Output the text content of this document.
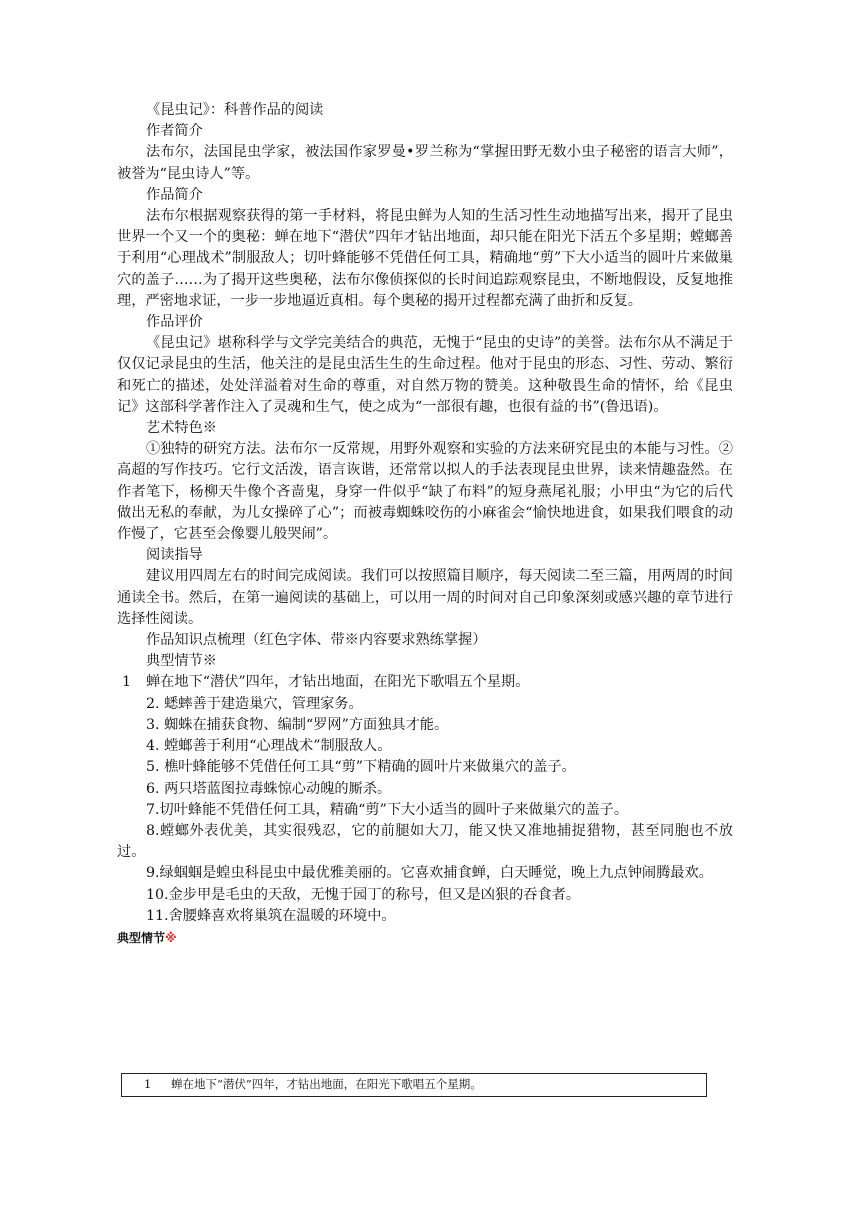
《昆虫记》：科普作品的阅读
作者简介
法布尔，法国昆虫学家，被法国作家罗曼•罗兰称为“掌握田野无数小虫子秘密的语言大师”，被誉为“昆虫诗人”等。
作品简介
法布尔根据观察获得的第一手材料，将昆虫鲜为人知的生活习性生动地描写出来，揭开了昆虫世界一个又一个的奥秘：蝉在地下“潜伏”四年才钻出地面，却只能在阳光下活五个多星期；螳螂善于利用“心理战术”制服敌人；切叶蜂能够不凭借任何工具，精确地“剪”下大小适当的圆叶片来做巢穴的盖子……为了揭开这些奥秘，法布尔像侦探似的长时间追踪观察昆虫，不断地假设，反复地推理，严密地求证，一步一步地逼近真相。每个奥秘的揭开过程都充满了曲折和反复。
作品评价
《昆虫记》堪称科学与文学完美结合的典范，无愧于“昆虫的史诗”的美誉。法布尔从不满足于仅仅记录昆虫的生活，他关注的是昆虫活生生的生命过程。他对于昆虫的形态、习性、劳动、繁衍和死亡的描述，处处洋溢着对生命的尊重，对自然万物的赞美。这种敬畏生命的情怀，给《昆虫记》这部科学著作注入了灵魂和生气，使之成为“一部很有趣，也很有益的书”(鲁迅语)。
艺术特色※
①独特的研究方法。法布尔一反常规，用野外观察和实验的方法来研究昆虫的本能与习性。②高超的写作技巧。它行文活泼，语言诙谐，还常常以拟人的手法表现昆虫世界，读来情趣盎然。在作者笔下，杨柳天牛像个吝啬鬼，身穿一件似乎“缺了布料”的短身燕尾礼服；小甲虫“为它的后代做出无私的奉献，为儿女操碎了心”；而被毒蜘蛛咬伤的小麻雀会“愉快地进食，如果我们喂食的动作慢了，它甚至会像婴儿般哭闹”。
阅读指导
建议用四周左右的时间完成阅读。我们可以按照篇目顺序，每天阅读二至三篇，用两周的时间通读全书。然后，在第一遍阅读的基础上，可以用一周的时间对自己印象深刻或感兴趣的章节进行选择性阅读。
作品知识点梳理（红色字体、带※内容要求熟练掌握）
典型情节※
1 蝉在地下“潜伏”四年，才钻出地面，在阳光下歌唱五个星期。
2. 蟋蟀善于建造巢穴，管理家务。
3. 蜘蛛在捕获食物、编制“罗网”方面独具才能。
4. 螳螂善于利用“心理战术”制服敌人。
5. 樵叶蜂能够不凭借任何工具“剪”下精确的圆叶片来做巢穴的盖子。
6. 两只塔蓝图拉毒蛛惊心动魄的厮杀。
7.切叶蜂能不凭借任何工具，精确“剪”下大小适当的圆叶子来做巢穴的盖子。
8.螳螂外表优美，其实很残忍，它的前腿如大刀，能又快又准地捕捉猎物，甚至同胞也不放过。
9.绿蝈蝈是蝗虫科昆虫中最优雅美丽的。它喜欢捕食蝉，白天睡觉，晚上九点钟闹腾最欢。
10.金步甲是毛虫的天敌，无愧于园丁的称号，但又是凶狠的吞食者。
11.舍腰蜂喜欢将巢筑在温暖的环境中。
典型情节※
1 蝉在地下“潜伏”四年，才钻出地面，在阳光下歌唱五个星期。
